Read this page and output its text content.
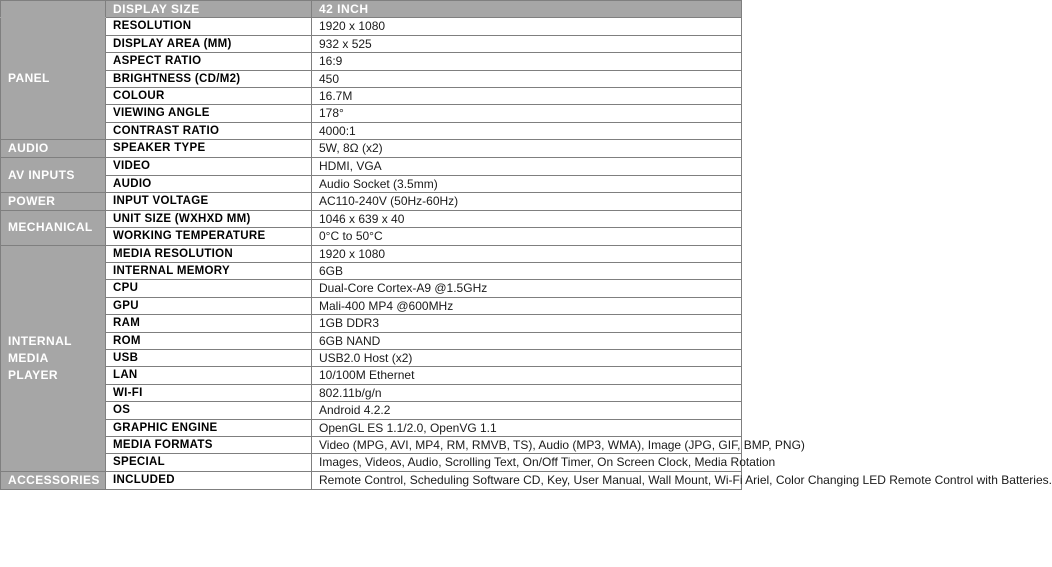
	DISPLAY SIZE	42 INCH
PANEL	RESOLUTION	1920 x 1080
	DISPLAY AREA (MM)	932 x 525
	ASPECT RATIO	16:9
	BRIGHTNESS (CD/M2)	450
	COLOUR	16.7M
	VIEWING ANGLE	178°
	CONTRAST RATIO	4000:1
AUDIO	SPEAKER TYPE	5W, 8Ω (x2)
AV INPUTS	VIDEO	HDMI, VGA
	AUDIO	Audio Socket (3.5mm)
POWER	INPUT VOLTAGE	AC110-240V (50Hz-60Hz)
MECHANICAL	UNIT SIZE (WXHXD MM)	1046 x 639 x 40
	WORKING TEMPERATURE	0°C to 50°C
INTERNAL MEDIA PLAYER	MEDIA RESOLUTION	1920 x 1080
	INTERNAL MEMORY	6GB
	CPU	Dual-Core Cortex-A9 @1.5GHz
	GPU	Mali-400 MP4 @600MHz
	RAM	1GB DDR3
	ROM	6GB NAND
	USB	USB2.0 Host (x2)
	LAN	10/100M Ethernet
	WI-FI	802.11b/g/n
	OS	Android 4.2.2
	GRAPHIC ENGINE	OpenGL ES 1.1/2.0, OpenVG 1.1
	MEDIA FORMATS	Video (MPG, AVI, MP4, RM, RMVB, TS), Audio (MP3, WMA), Image (JPG, GIF, BMP, PNG)
	SPECIAL	Images, Videos, Audio, Scrolling Text, On/Off Timer, On Screen Clock, Media Rotation
ACCESSORIES	INCLUDED	Remote Control, Scheduling Software CD, Key, User Manual, Wall Mount, Wi-Fi Ariel, Color Changing LED Remote Control with Batteries.
